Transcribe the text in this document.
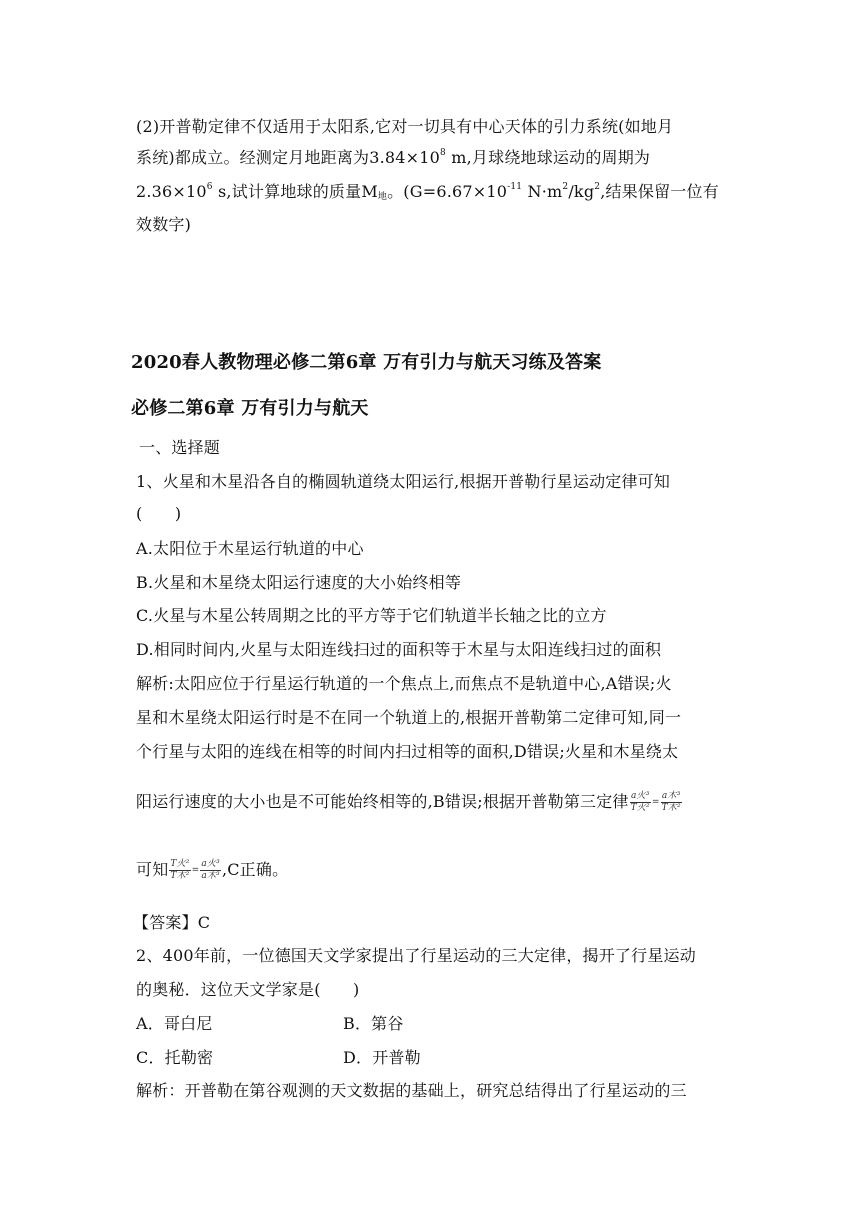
(2)开普勒定律不仅适用于太阳系,它对一切具有中心天体的引力系统(如地月
系统)都成立。经测定月地距离为$3.84\times 10^8$ m,月球绕地球运动的周期为
$2.36\times 10^6$ s,试计算地球的质量$M_地$。($G=6.67\times 10^{-11}$ $N\cdot m^2/kg^2$,结果保留一位有
效数字)
2020春人教物理必修二第6章 万有引力与航天习练及答案
必修二第6章 万有引力与航天
一、选择题
1、火星和木星沿各自的椭圆轨道绕太阳运行,根据开普勒行星运动定律可知
(　　)
A.太阳位于木星运行轨道的中心
B.火星和木星绕太阳运行速度的大小始终相等
C.火星与木星公转周期之比的平方等于它们轨道半长轴之比的立方
D.相同时间内,火星与太阳连线扫过的面积等于木星与太阳连线扫过的面积
解析:太阳应位于行星运行轨道的一个焦点上,而焦点不是轨道中心,A错误;火
星和木星绕太阳运行时是不在同一个轨道上的,根据开普勒第二定律可知,同一
个行星与太阳的连线在相等的时间内扫过相等的面积,D错误;火星和木星绕太
阳运行速度的大小也是不可能始终相等的,B错误;根据开普勒第三定律 $\frac{\text{a火³}}{\text{T火²}} = \frac{\text{a木³}}{\text{T木²}}$
可知 $\frac{\text{T火²}}{\text{T木²}} = \frac{\text{a火³}}{\text{a木³}} ,C$正确。
【答案】C
2、400年前，一位德国天文学家提出了行星运动的三大定律，揭开了行星运动
的奥秘．这位天文学家是(　　)
A．哥白尼	B．第谷
C．托勒密	D．开普勒
解析：开普勒在第谷观测的天文数据的基础上，研究总结得出了行星运动的三
